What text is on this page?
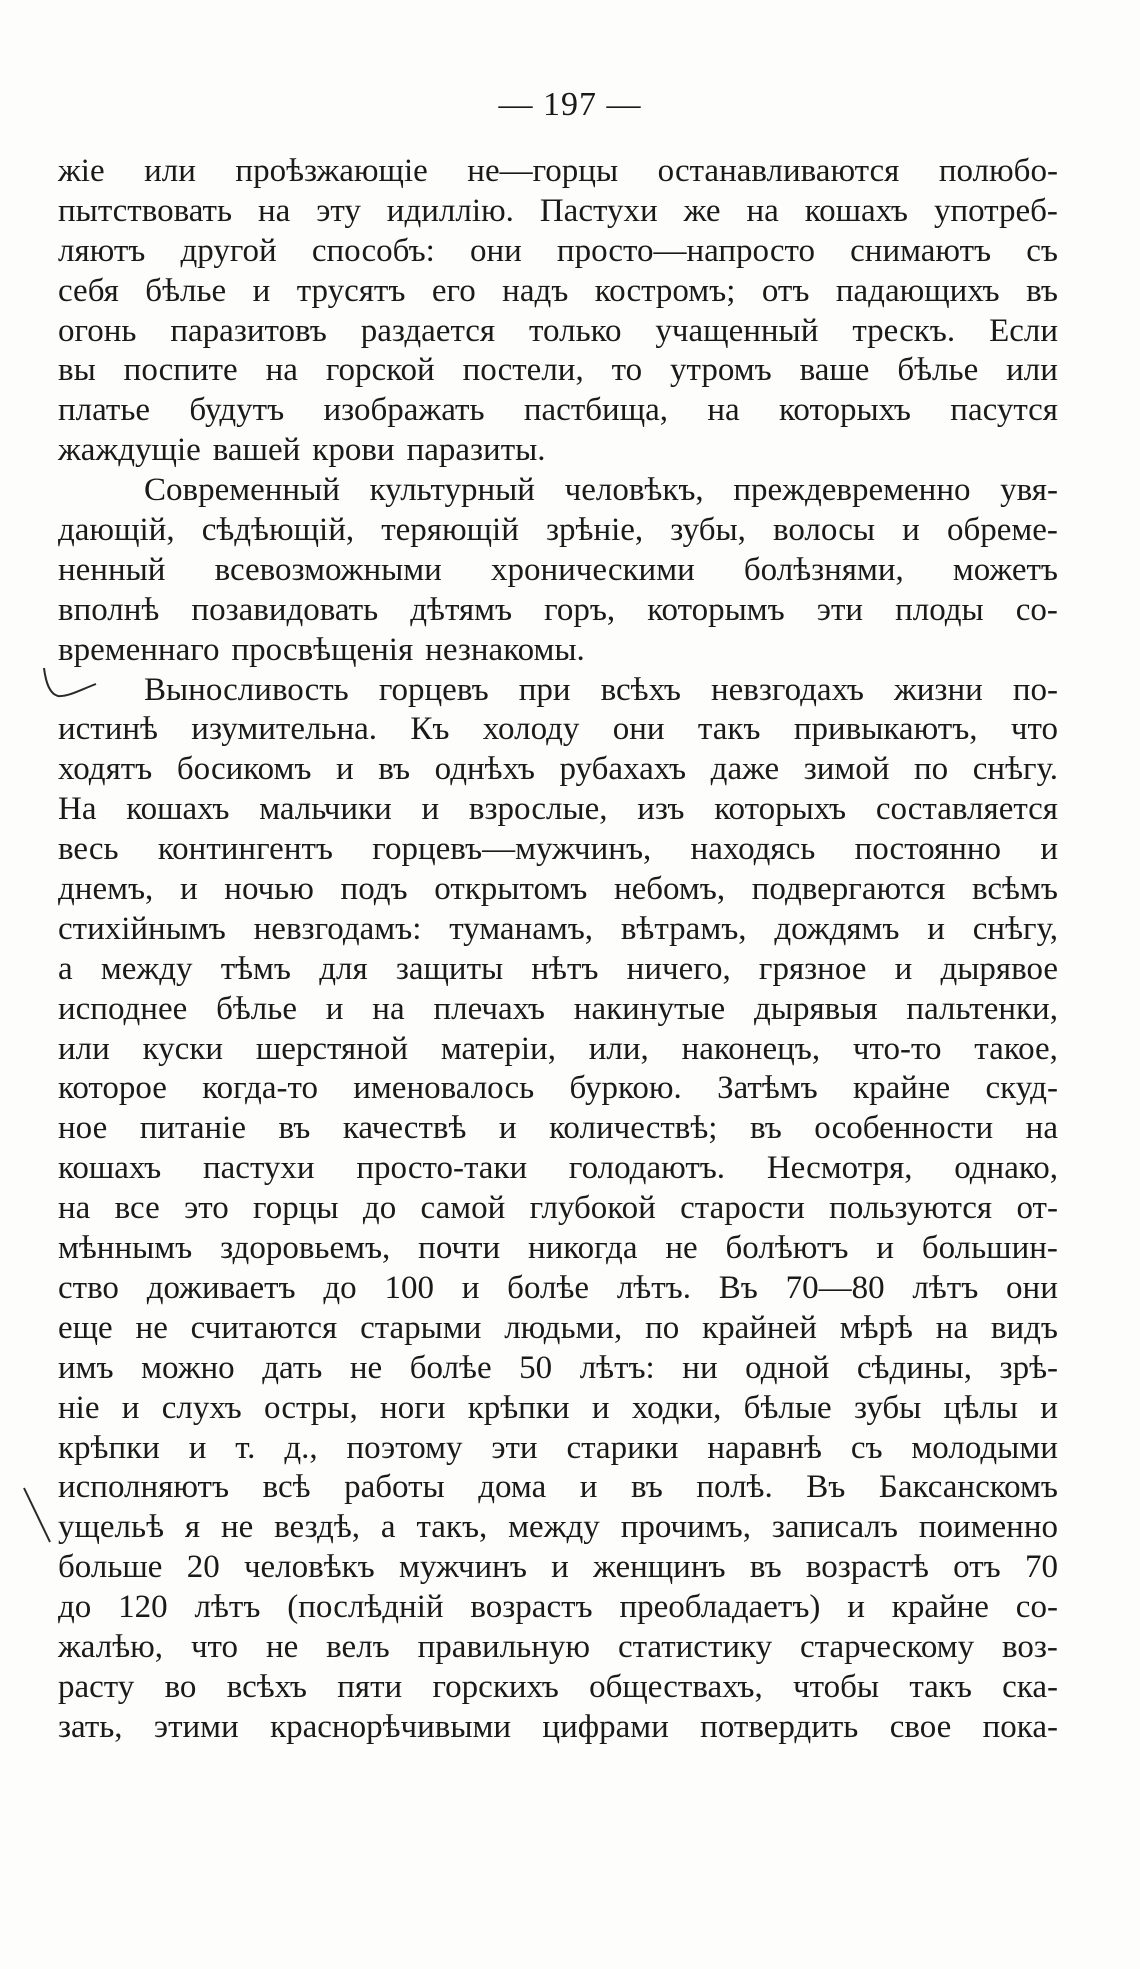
— 197 —

жіе или проѣзжающіе не—горцы останавливаются полюбо-
пытствовать на эту идиллію. Пастухи же на кошахъ употреб-
ляютъ другой способъ: они просто—напросто снимаютъ съ
себя бѣлье и трусятъ его надъ костромъ; отъ падающихъ въ
огонь паразитовъ раздается только учащенный трескъ. Если
вы поспите на горской постели, то утромъ ваше бѣлье или
платье будутъ изображать пастбища, на которыхъ пасутся
жаждущіе вашей крови паразиты.
Современный культурный человѣкъ, преждевременно увя-
дающій, сѣдѣющій, теряющій зрѣніе, зубы, волосы и обреме-
ненный всевозможными хроническими болѣзнями, можетъ
вполнѣ позавидовать дѣтямъ горъ, которымъ эти плоды со-
временнаго просвѣщенія незнакомы.
Выносливость горцевъ при всѣхъ невзгодахъ жизни по-
истинѣ изумительна. Къ холоду они такъ привыкаютъ, что
ходятъ босикомъ и въ однѣхъ рубахахъ даже зимой по снѣгу.
На кошахъ мальчики и взрослые, изъ которыхъ составляется
весь контингентъ горцевъ—мужчинъ, находясь постоянно и
днемъ, и ночью подъ открытомъ небомъ, подвергаются всѣмъ
стихійнымъ невзгодамъ: туманамъ, вѣтрамъ, дождямъ и снѣгу,
а между тѣмъ для защиты нѣтъ ничего, грязное и дырявое
исподнее бѣлье и на плечахъ накинутые дырявыя пальтенки,
или куски шерстяной матеріи, или, наконецъ, что-то такое,
которое когда-то именовалось буркою. Затѣмъ крайне скуд-
ное питаніе въ качествѣ и количествѣ; въ особенности на
кошахъ пастухи просто-таки голодаютъ. Несмотря, однако,
на все это горцы до самой глубокой старости пользуются от-
мѣннымъ здоровьемъ, почти никогда не болѣютъ и большин-
ство доживаетъ до 100 и болѣе лѣтъ. Въ 70—80 лѣтъ они
еще не считаются старыми людьми, по крайней мѣрѣ на видъ
имъ можно дать не болѣе 50 лѣтъ: ни одной сѣдины, зрѣ-
ніе и слухъ остры, ноги крѣпки и ходки, бѣлые зубы цѣлы и
крѣпки и т. д., поэтому эти старики наравнѣ съ молодыми
исполняютъ всѣ работы дома и въ полѣ. Въ Баксанскомъ
ущельѣ я не вездѣ, а такъ, между прочимъ, записалъ поименно
больше 20 человѣкъ мужчинъ и женщинъ въ возрастѣ отъ 70
до 120 лѣтъ (послѣдній возрастъ преобладаетъ) и крайне со-
жалѣю, что не велъ правильную статистику старческому воз-
расту во всѣхъ пяти горскихъ обществахъ, чтобы такъ ска-
зать, этими краснорѣчивыми цифрами потвердить свое пока-
